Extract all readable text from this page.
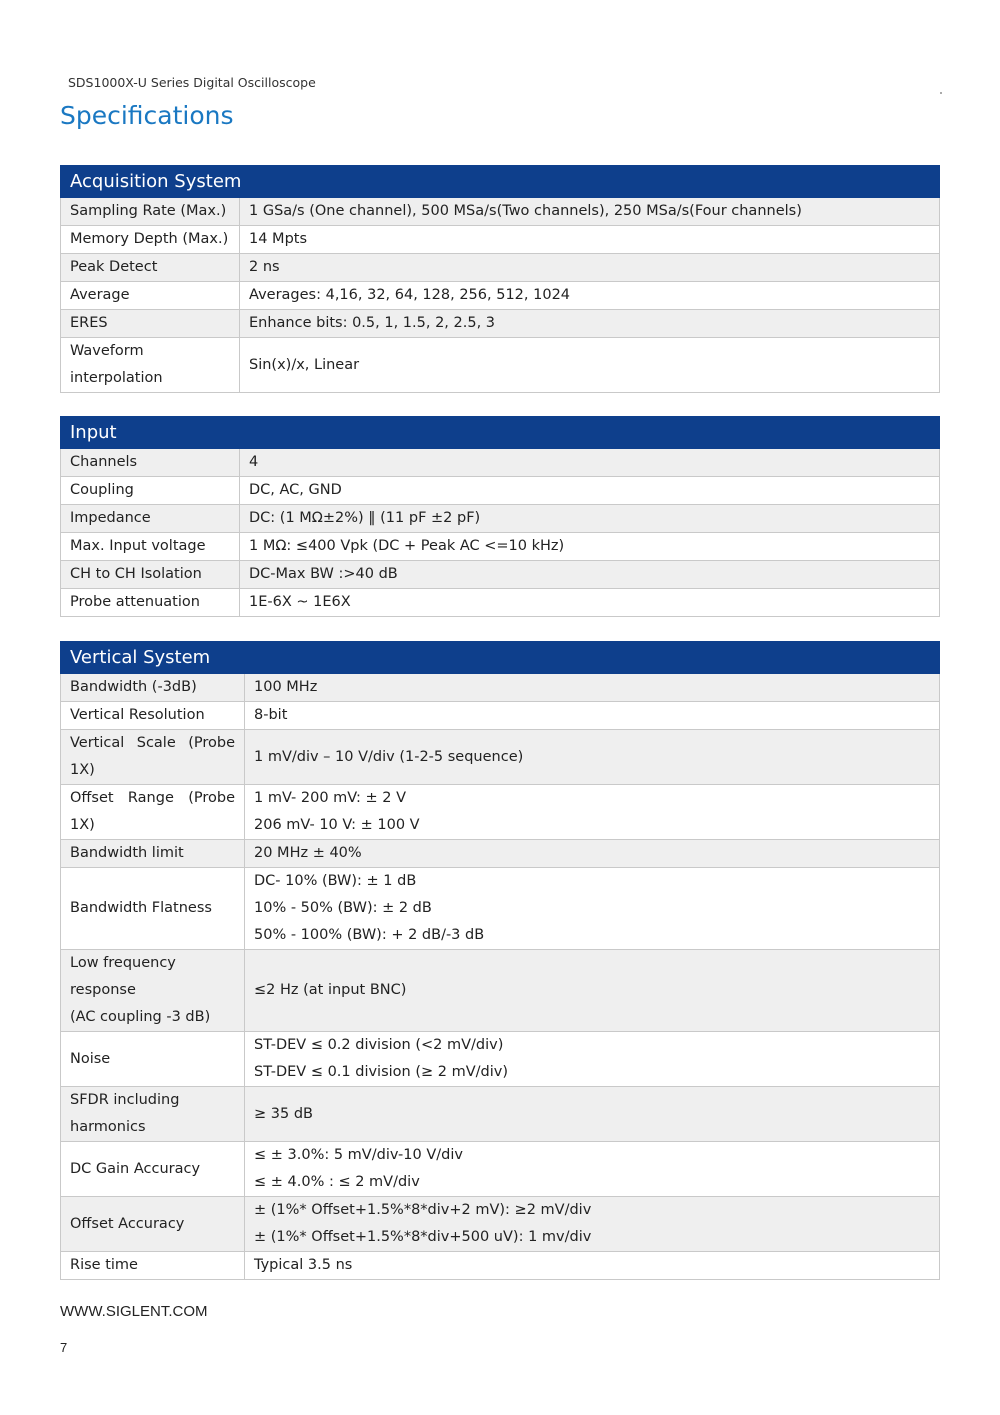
SDS1000X-U Series Digital Oscilloscope
Specifications
Acquisition System	

Sampling Rate (Max.)	1 GSa/s (One channel), 500 MSa/s(Two channels), 250 MSa/s(Four channels)

Memory Depth (Max.)	14 Mpts

Peak Detect	2 ns

Average	Averages: 4,16, 32, 64, 128, 256, 512, 1024

ERES	Enhance bits: 0.5, 1, 1.5, 2, 2.5, 3

Waveform
interpolation	Sin(x)/x, Linear
Input	

Channels	4

Coupling	DC, AC, GND

Impedance	DC: (1 MΩ±2%) ‖ (11 pF ±2 pF)

Max. Input voltage	1 MΩ: ≤400 Vpk (DC + Peak AC <=10 kHz)

CH to CH Isolation	DC-Max BW :>40 dB

Probe attenuation	1E-6X ~ 1E6X
Vertical System	

Bandwidth (-3dB)	100 MHz

Vertical Resolution	8-bit

Vertical Scale (Probe 1X)	1 mV/div – 10 V/div (1-2-5 sequence)

Offset Range (Probe 1X)	1 mV- 200 mV: ± 2 V
206 mV- 10 V: ± 100 V

Bandwidth limit	20 MHz ± 40%

Bandwidth Flatness	DC- 10% (BW): ± 1 dB
10% - 50% (BW): ± 2 dB
50% - 100% (BW): + 2 dB/-3 dB

Low frequency
response
(AC coupling -3 dB)	≤2 Hz (at input BNC)

Noise	ST-DEV ≤ 0.2 division (<2 mV/div)
ST-DEV ≤ 0.1 division (≥ 2 mV/div)

SFDR including
harmonics	≥ 35 dB

DC Gain Accuracy	≤ ± 3.0%: 5 mV/div-10 V/div
≤ ± 4.0% : ≤ 2 mV/div

Offset Accuracy	± (1%* Offset+1.5%*8*div+2 mV): ≥2 mV/div
± (1%* Offset+1.5%*8*div+500 uV): 1 mv/div

Rise time	Typical 3.5 ns
WWW.SIGLENT.COM
7
